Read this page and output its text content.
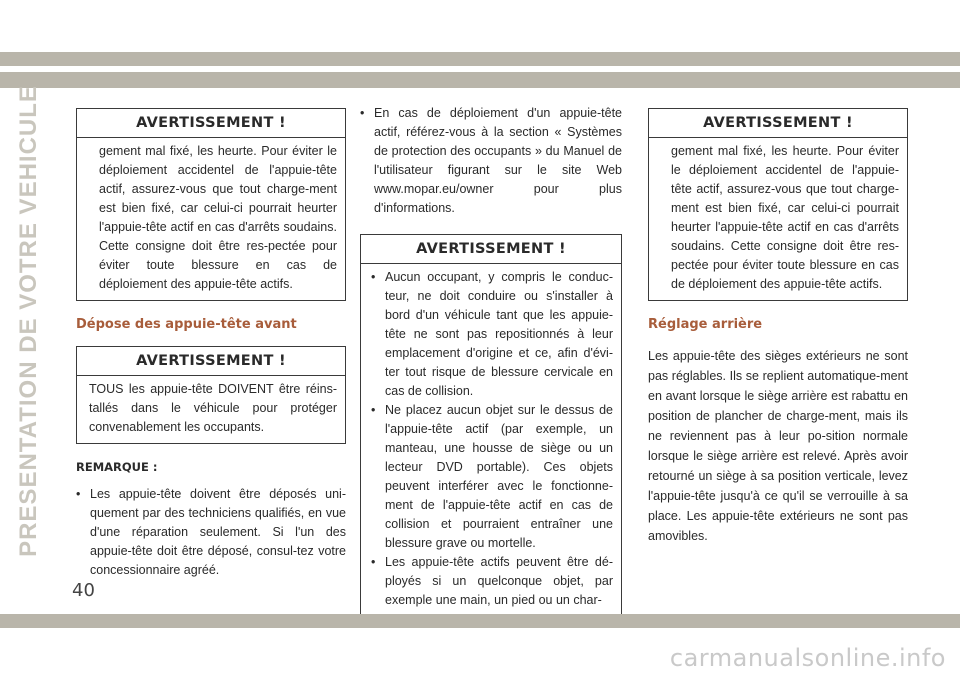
PRESENTATION DE VOTRE VEHICULE	AVERTISSEMENT !
gement mal fixé, les heurte. Pour éviter le déploiement accidentel de l'appuie-tête actif, assurez-vous que tout charge-ment est bien fixé, car celui-ci pourrait heurter l'appuie-tête actif en cas d'arrêts soudains. Cette consigne doit être res-pectée pour éviter toute blessure en cas de déploiement des appuie-tête actifs.
Dépose des appuie-tête avant
AVERTISSEMENT !
TOUS les appuie-tête DOIVENT être réins-tallés dans le véhicule pour protéger convenablement les occupants.
REMARQUE :
• Les appuie-tête doivent être déposés uni-quement par des techniciens qualifiés, en vue d'une réparation seulement. Si l'un des appuie-tête doit être déposé, consul-tez votre concessionnaire agréé.
• En cas de déploiement d'un appuie-tête actif, référez-vous à la section « Systèmes de protection des occupants » du Manuel de l'utilisateur figurant sur le site Web www.mopar.eu/owner pour plus d'informations.
AVERTISSEMENT !
• Aucun occupant, y compris le conduc-teur, ne doit conduire ou s'installer à bord d'un véhicule tant que les appuie-tête ne sont pas repositionnés à leur emplacement d'origine et ce, afin d'évi-ter tout risque de blessure cervicale en cas de collision.
• Ne placez aucun objet sur le dessus de l'appuie-tête actif (par exemple, un manteau, une housse de siège ou un lecteur DVD portable). Ces objets peuvent interférer avec le fonctionne-ment de l'appuie-tête actif en cas de collision et pourraient entraîner une blessure grave ou mortelle.
• Les appuie-tête actifs peuvent être dé-ployés si un quelconque objet, par exemple une main, un pied ou un char-
AVERTISSEMENT !
gement mal fixé, les heurte. Pour éviter le déploiement accidentel de l'appuie-tête actif, assurez-vous que tout charge-ment est bien fixé, car celui-ci pourrait heurter l'appuie-tête actif en cas d'arrêts soudains. Cette consigne doit être res-pectée pour éviter toute blessure en cas de déploiement des appuie-tête actifs.
Réglage arrière
Les appuie-tête des sièges extérieurs ne sont pas réglables. Ils se replient automatique-ment en avant lorsque le siège arrière est rabattu en position de plancher de charge-ment, mais ils ne reviennent pas à leur po-sition normale lorsque le siège arrière est relevé. Après avoir retourné un siège à sa position verticale, levez l'appuie-tête jusqu'à ce qu'il se verrouille à sa place. Les appuie-tête extérieurs ne sont pas amovibles.
40
carmanualsonline.info
